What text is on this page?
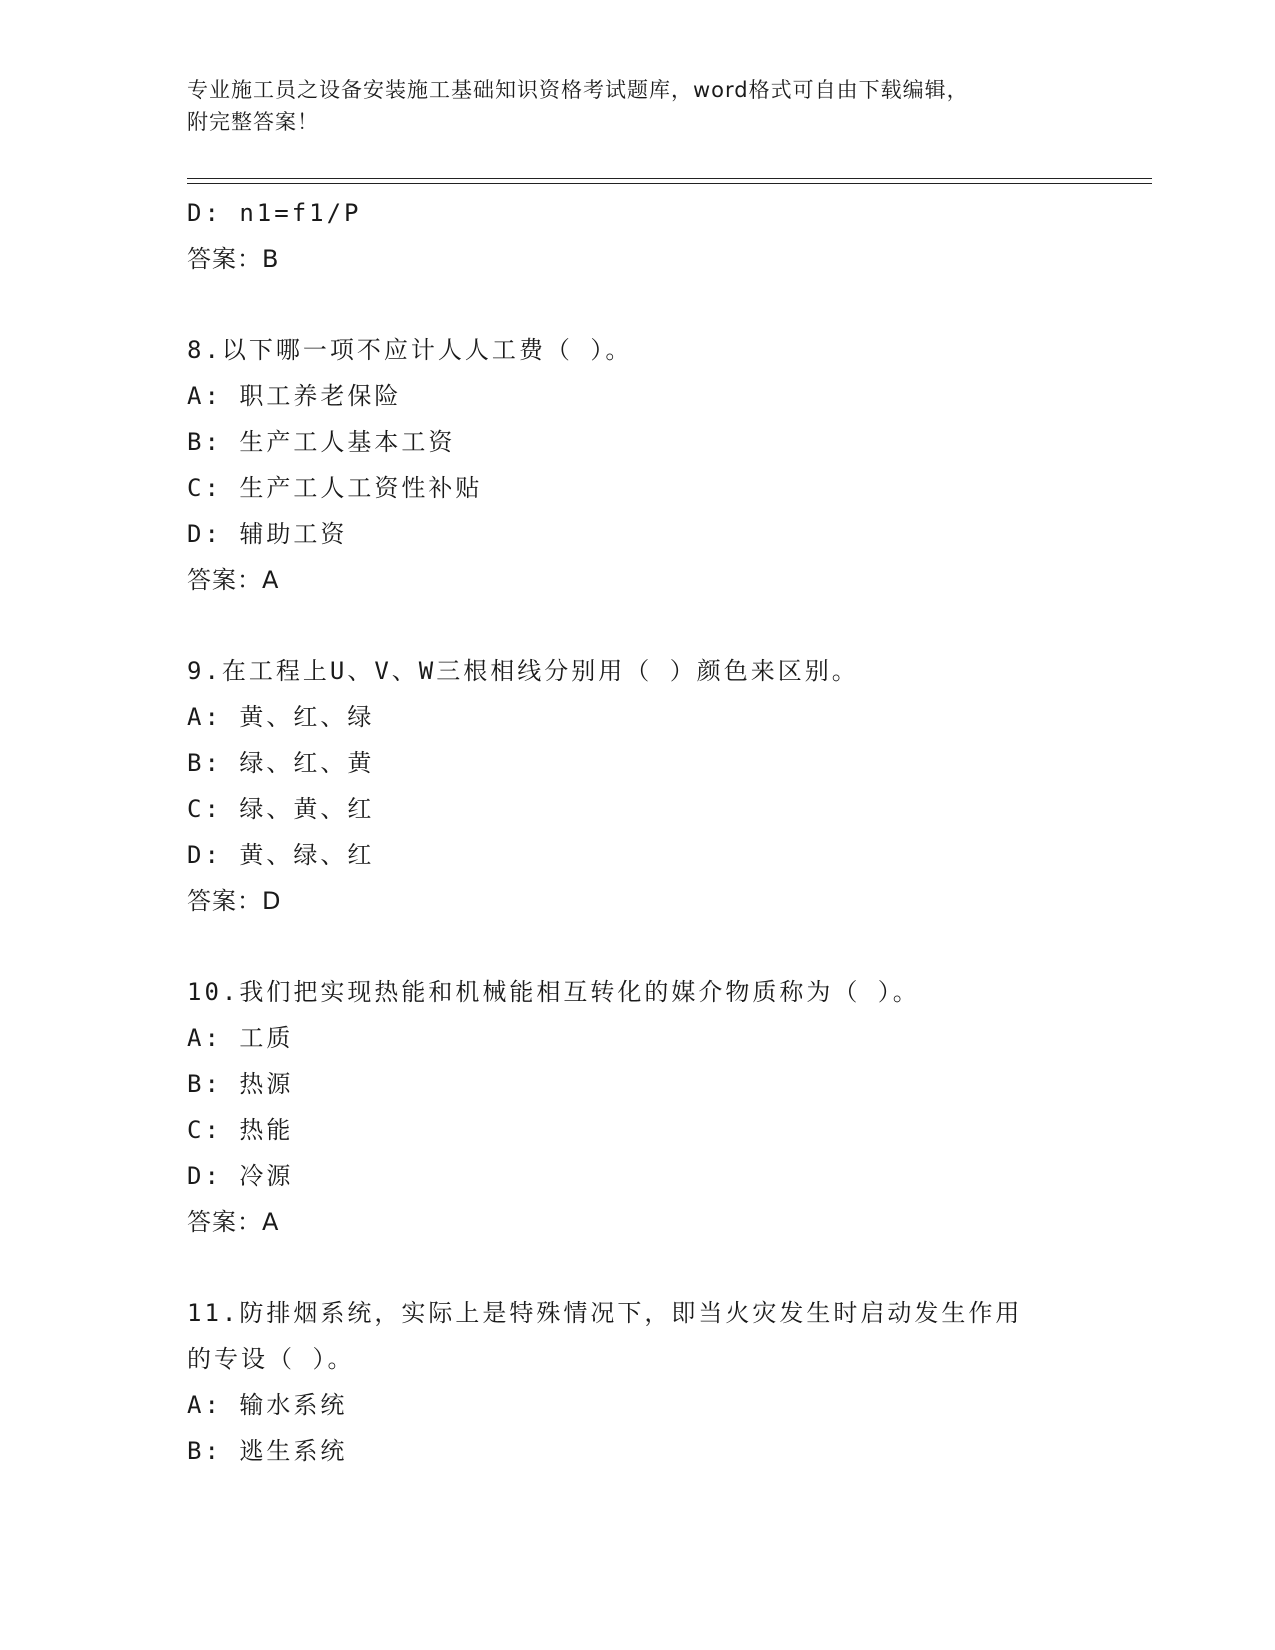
专业施工员之设备安装施工基础知识资格考试题库，word格式可自由下载编辑，
附完整答案！
D: n1=f1/P
答案：B
8.以下哪一项不应计人人工费（ ）。
A: 职工养老保险
B: 生产工人基本工资
C: 生产工人工资性补贴
D: 辅助工资
答案：A
9.在工程上U、V、W三根相线分别用（ ）颜色来区别。
A: 黄、红、绿
B: 绿、红、黄
C: 绿、黄、红
D: 黄、绿、红
答案：D
10.我们把实现热能和机械能相互转化的媒介物质称为（ ）。
A: 工质
B: 热源
C: 热能
D: 冷源
答案：A
11.防排烟系统，实际上是特殊情况下，即当火灾发生时启动发生作用
的专设（ ）。
A: 输水系统
B: 逃生系统
